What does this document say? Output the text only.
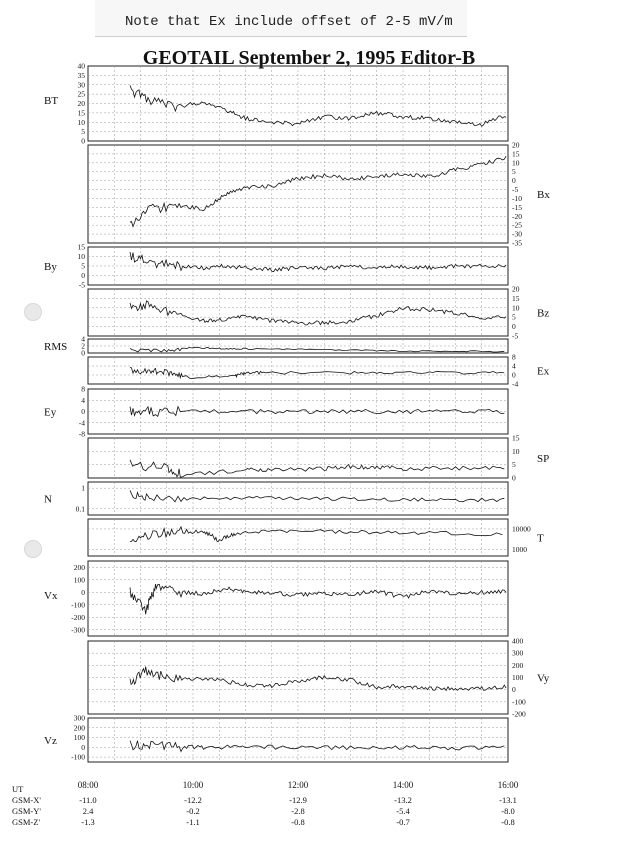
Note that Ex include offset of 2-5 mV/m
GEOTAIL September 2, 1995 Editor-B
40
35
30
25
20
15
10
5
0
BT
20
15
10
5
0
-5
-10
-15
-20
-25
-30
-35
Bx
15
10
5
0
-5
By
20
15
10
5
0
-5
Bz
4
2
0
RMS
8
4
0
-4
Ex
8
4
0
-4
-8
Ey
15
10
5
0
SP
1
0.1
N
10000
1000
T
200
100
0
-100
-200
-300
Vx
400
300
200
100
0
-100
-200
Vy
300
200
100
0
-100
Vz
UT
GSM-X'
GSM-Y'
GSM-Z'
08:00
-11.0
2.4
-1.3
10:00
-12.2
-0.2
-1.1
12:00
-12.9
-2.8
-0.8
14:00
-13.2
-5.4
-0.7
16:00
-13.1
-8.0
-0.8
